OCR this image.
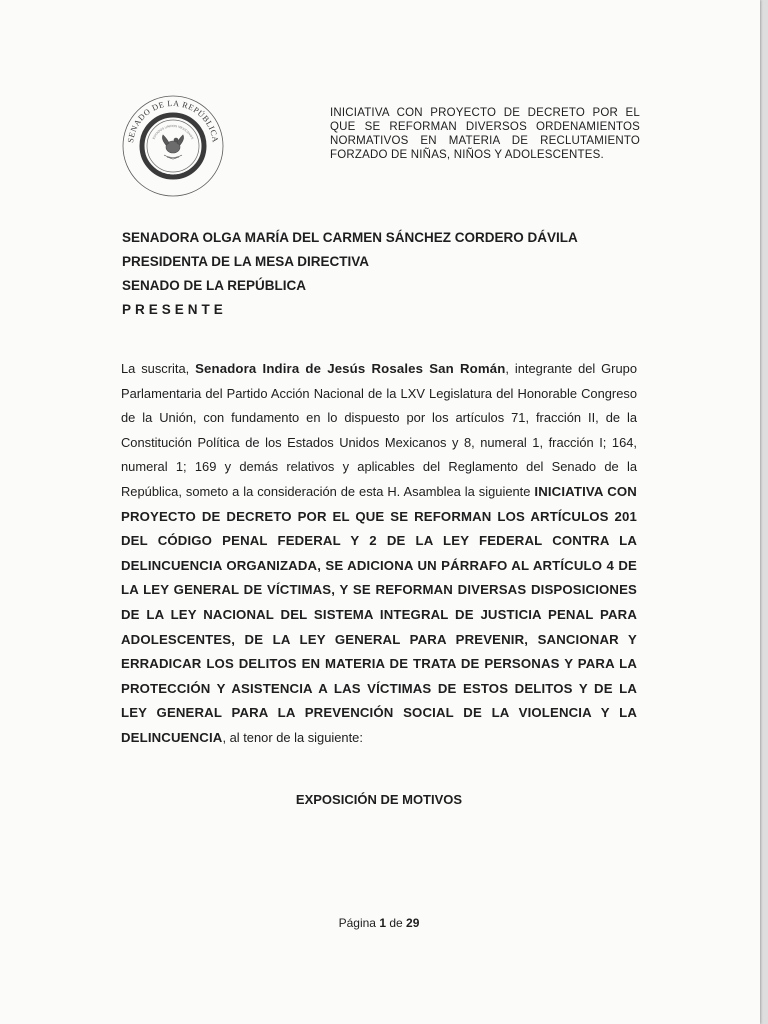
SENADO DE LA REPÚBLICA
LXV LEGISLATURA
ESTADOS UNIDOS MEXICANOS

INICIATIVA CON PROYECTO DE DECRETO POR EL QUE SE REFORMAN DIVERSOS ORDENAMIENTOS NORMATIVOS EN MATERIA DE RECLUTAMIENTO FORZADO DE NIÑAS, NIÑOS Y ADOLESCENTES.

SENADORA OLGA MARÍA DEL CARMEN SÁNCHEZ CORDERO DÁVILA
PRESIDENTA DE LA MESA DIRECTIVA
SENADO DE LA REPÚBLICA
PRESENTE

La suscrita, Senadora Indira de Jesús Rosales San Román, integrante del Grupo Parlamentaria del Partido Acción Nacional de la LXV Legislatura del Honorable Congreso de la Unión, con fundamento en lo dispuesto por los artículos 71, fracción II, de la Constitución Política de los Estados Unidos Mexicanos y 8, numeral 1, fracción I; 164, numeral 1; 169 y demás relativos y aplicables del Reglamento del Senado de la República, someto a la consideración de esta H. Asamblea la siguiente INICIATIVA CON PROYECTO DE DECRETO POR EL QUE SE REFORMAN LOS ARTÍCULOS 201 DEL CÓDIGO PENAL FEDERAL Y 2 DE LA LEY FEDERAL CONTRA LA DELINCUENCIA ORGANIZADA, SE ADICIONA UN PÁRRAFO AL ARTÍCULO 4 DE LA LEY GENERAL DE VÍCTIMAS, Y SE REFORMAN DIVERSAS DISPOSICIONES DE LA LEY NACIONAL DEL SISTEMA INTEGRAL DE JUSTICIA PENAL PARA ADOLESCENTES, DE LA LEY GENERAL PARA PREVENIR, SANCIONAR Y ERRADICAR LOS DELITOS EN MATERIA DE TRATA DE PERSONAS Y PARA LA PROTECCIÓN Y ASISTENCIA A LAS VÍCTIMAS DE ESTOS DELITOS Y DE LA LEY GENERAL PARA LA PREVENCIÓN SOCIAL DE LA VIOLENCIA Y LA DELINCUENCIA, al tenor de la siguiente:

EXPOSICIÓN DE MOTIVOS

Página 1 de 29
